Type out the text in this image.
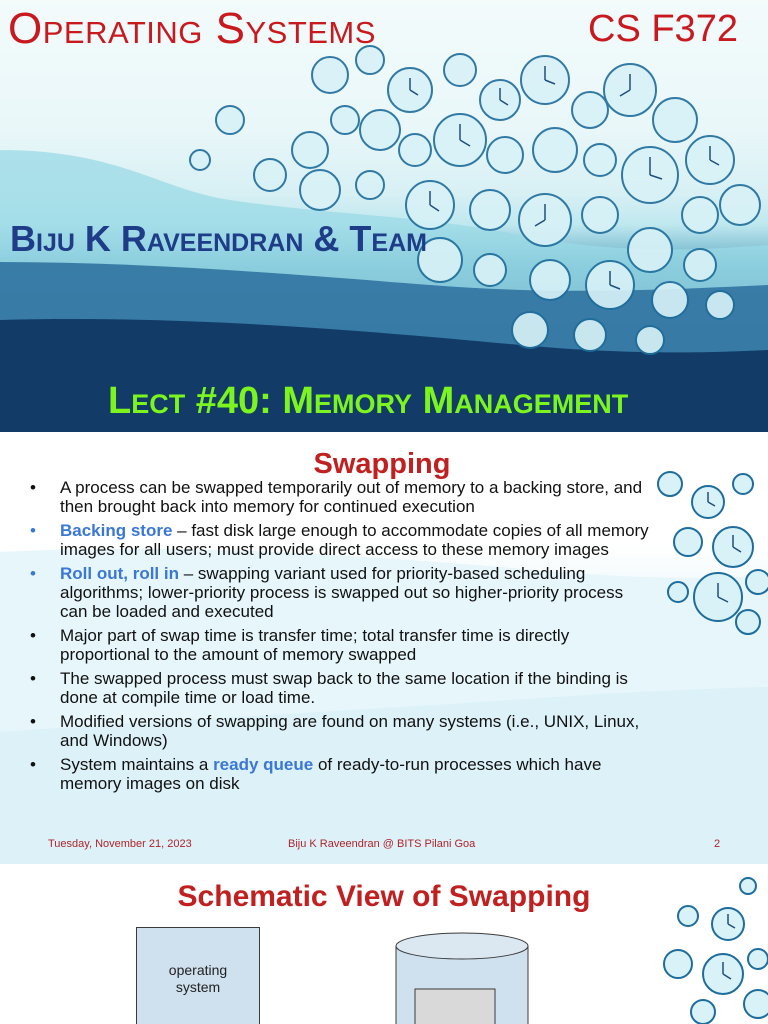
Operating Systems	CS F372
Biju K Raveendran & Team
Lect #40: Memory Management
Swapping
• A process can be swapped temporarily out of memory to a backing store, and then brought back into memory for continued execution
• Backing store – fast disk large enough to accommodate copies of all memory images for all users; must provide direct access to these memory images
• Roll out, roll in – swapping variant used for priority-based scheduling algorithms; lower-priority process is swapped out so higher-priority process can be loaded and executed
• Major part of swap time is transfer time; total transfer time is directly proportional to the amount of memory swapped
• The swapped process must swap back to the same location if the binding is done at compile time or load time.
• Modified versions of swapping are found on many systems (i.e., UNIX, Linux, and Windows)
• System maintains a ready queue of ready-to-run processes which have memory images on disk
Tuesday, November 21, 2023	Biju K Raveendran @ BITS Pilani Goa	2
Schematic View of Swapping
operating
system
